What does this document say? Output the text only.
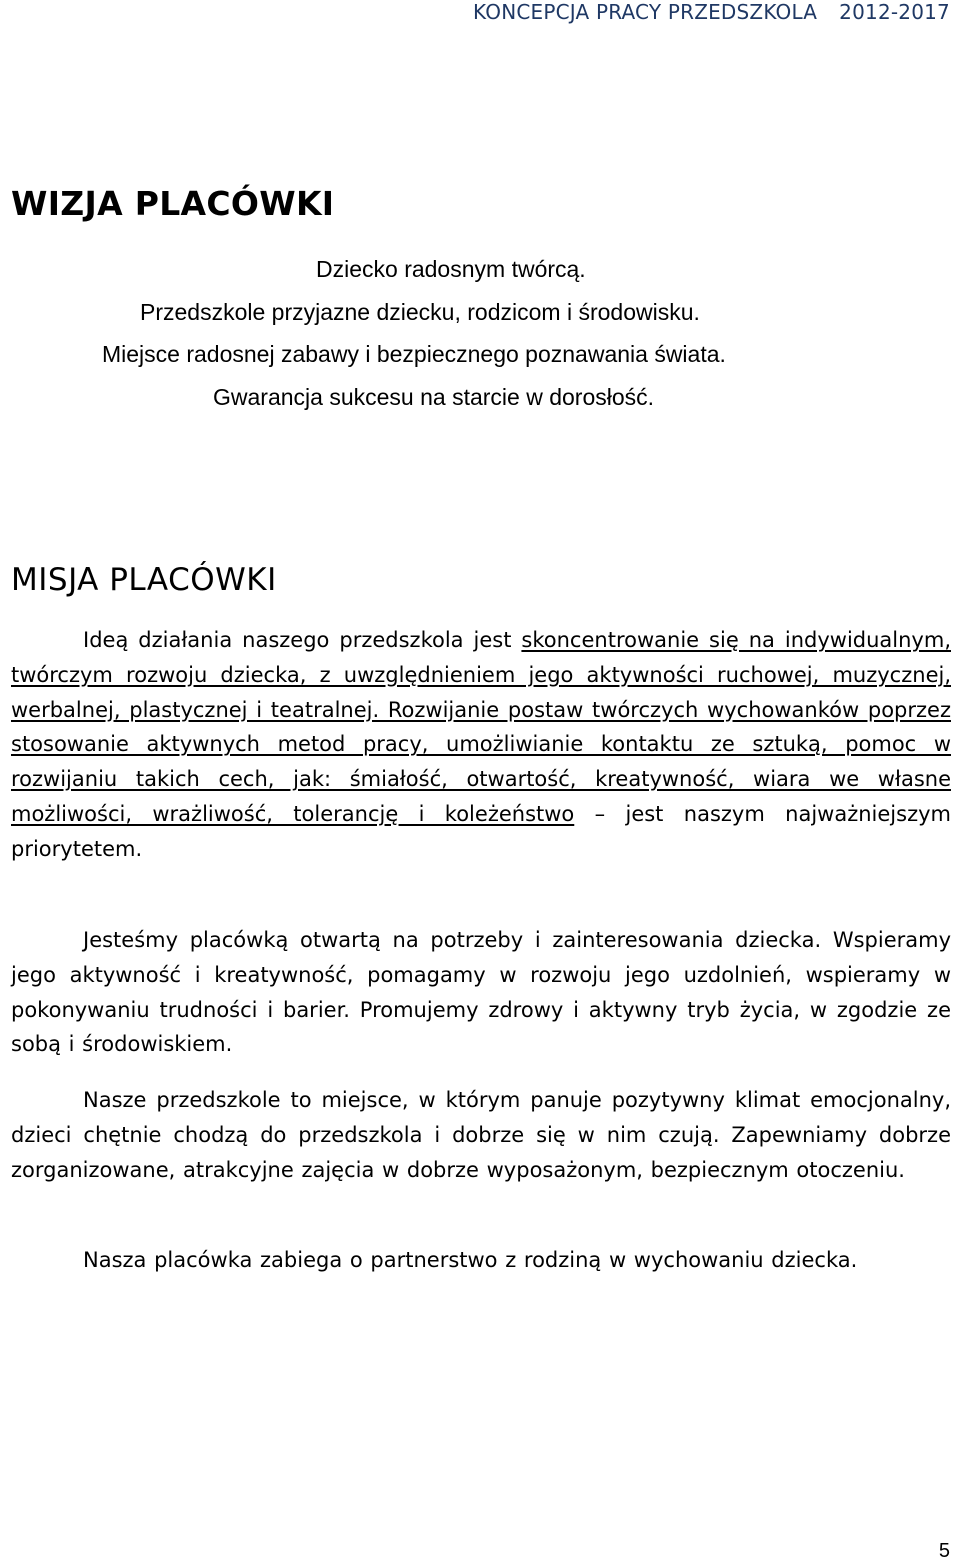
KONCEPCJA PRACY PRZEDSZKOLA 2012-2017
WIZJA PLACÓWKI
Dziecko radosnym twórcą.
Przedszkole przyjazne dziecku, rodzicom i środowisku.
Miejsce radosnej zabawy i bezpiecznego poznawania świata.
Gwarancja sukcesu na starcie w dorosłość.
MISJA PLACÓWKI

Ideą działania naszego przedszkola jest skoncentrowanie się na indywidualnym, twórczym rozwoju dziecka, z uwzględnieniem jego aktywności ruchowej, muzycznej, werbalnej, plastycznej i teatralnej. Rozwijanie postaw twórczych wychowanków poprzez stosowanie aktywnych metod pracy, umożliwianie kontaktu ze sztuką, pomoc w rozwijaniu takich cech, jak: śmiałość, otwartość, kreatywność, wiara we własne możliwości, wrażliwość, tolerancję i koleżeństwo – jest naszym najważniejszym priorytetem.

Jesteśmy placówką otwartą na potrzeby i zainteresowania dziecka. Wspieramy jego aktywność i kreatywność, pomagamy w rozwoju jego uzdolnień, wspieramy w pokonywaniu trudności i barier. Promujemy zdrowy i aktywny tryb życia, w zgodzie ze sobą i środowiskiem.

Nasze przedszkole to miejsce, w którym panuje pozytywny klimat emocjonalny, dzieci chętnie chodzą do przedszkola i dobrze się w nim czują. Zapewniamy dobrze zorganizowane, atrakcyjne zajęcia w dobrze wyposażonym, bezpiecznym otoczeniu.

Nasza placówka zabiega o partnerstwo z rodziną w wychowaniu dziecka.

5
